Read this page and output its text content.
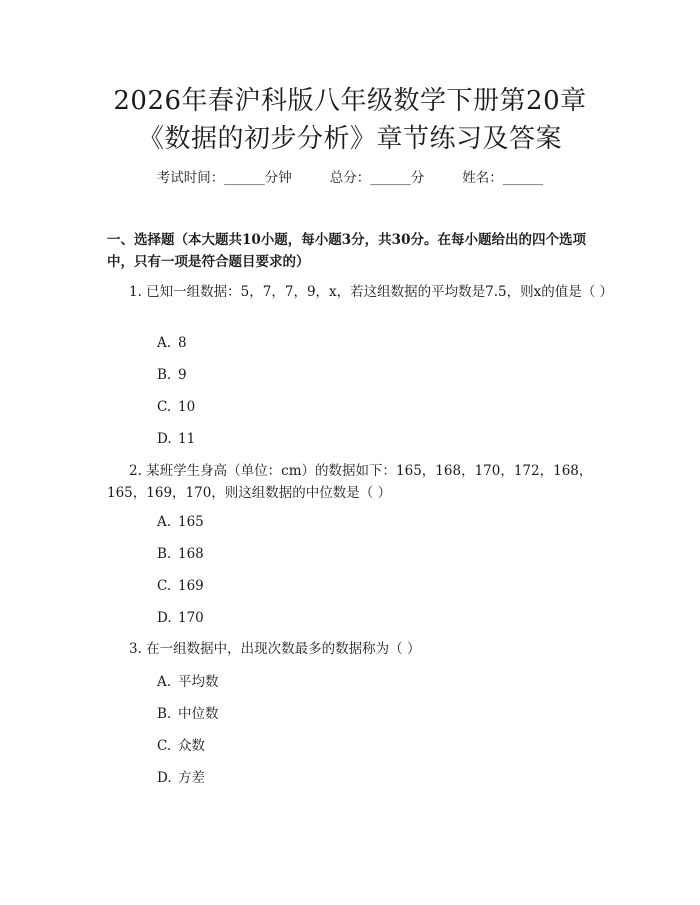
2026年春沪科版八年级数学下册第20章
《数据的初步分析》章节练习及答案
考试时间：______分钟	总分：______分	姓名：______
一、选择题（本大题共10小题，每小题3分，共30分。在每小题给出的四个选项中，只有一项是符合题目要求的）
1. 已知一组数据：5，7，7，9，x，若这组数据的平均数是7.5，则x的值是（ ）
A. 8
B. 9
C. 10
D. 11
2. 某班学生身高（单位：cm）的数据如下：165，168，170，172，168，165，169，170，则这组数据的中位数是（ ）
A. 165
B. 168
C. 169
D. 170
3. 在一组数据中，出现次数最多的数据称为（ ）
A. 平均数
B. 中位数
C. 众数
D. 方差
